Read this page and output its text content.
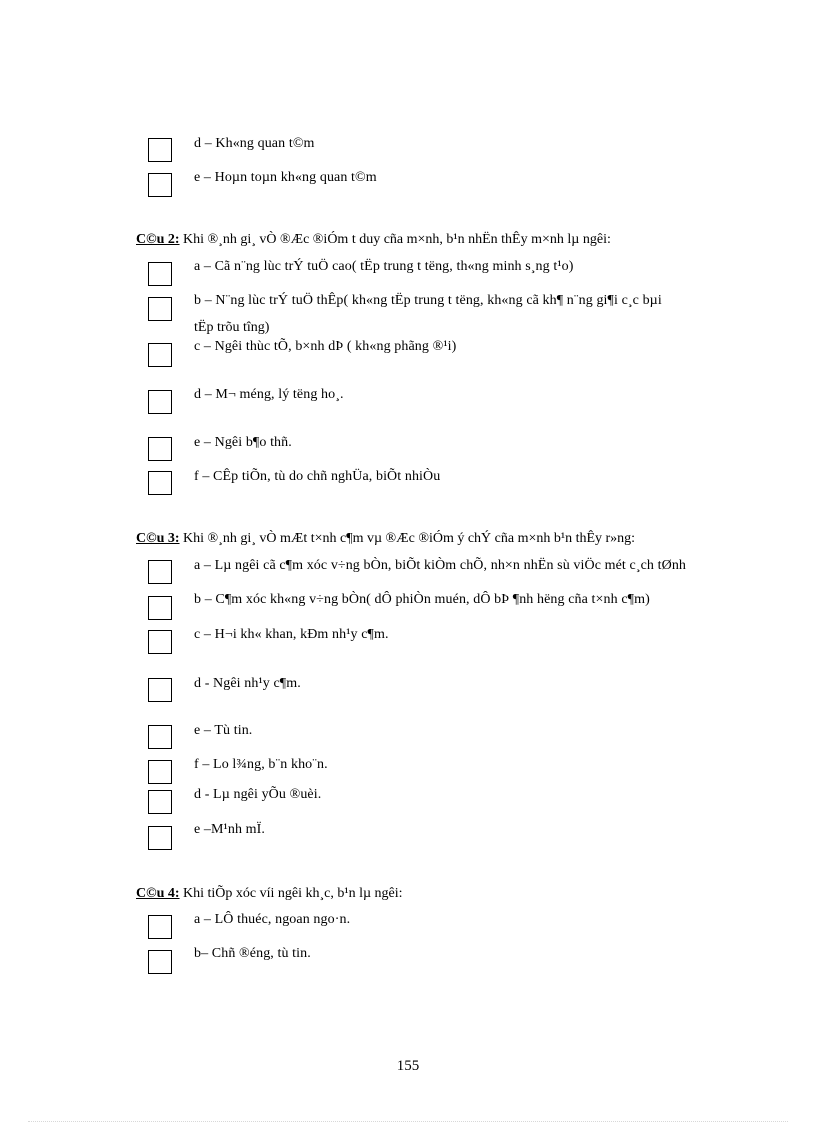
d – Kh«ng quan t©m
e – Hoµn toµn kh«ng quan t©m
C©u 2: Khi ®¸nh gi¸ vÒ ®Æc ®iÓm t duy cña m×nh, b¹n nhËn thÊy m×nh lµ ngêi:
a – Cã n¨ng lùc trÝ tuÖ cao( tËp trung t tëng, th«ng minh s¸ng t¹o)
b – N¨ng lùc trÝ tuÖ thÊp( kh«ng tËp trung t tëng, kh«ng cã kh¶ n¨ng gi¶i c¸c bµi
tËp trõu tîng)
c – Ngêi thùc tÕ, b×nh dÞ ( kh«ng phãng ®¹i)
d – M¬ méng, lý tëng ho¸.
e – Ngêi b¶o thñ.
f – CÊp tiÕn, tù do chñ nghÜa, biÕt nhiÒu
C©u 3: Khi ®¸nh gi¸ vÒ mÆt t×nh c¶m vµ ®Æc ®iÓm ý chÝ cña m×nh b¹n thÊy r»ng:
a – Lµ ngêi cã c¶m xóc v÷ng bÒn, biÕt kiÒm chÕ, nh×n nhËn sù viÖc mét c¸ch tØnh
b – C¶m xóc kh«ng v÷ng bÒn( dÔ phiÒn muén, dÔ bÞ ¶nh hëng cña t×nh c¶m)
c – H¬i kh« khan, kÐm nh¹y c¶m.
d - Ngêi nh¹y c¶m.
e – Tù tin.
f – Lo l¾ng, b¨n kho¨n.
d - Lµ ngêi yÕu ®uèi.
e –M¹nh mÏ.
C©u 4: Khi tiÕp xóc víi ngêi kh¸c, b¹n lµ ngêi:
a – LÔ thuéc, ngoan ngo·n.
b– Chñ ®éng, tù tin.
155
